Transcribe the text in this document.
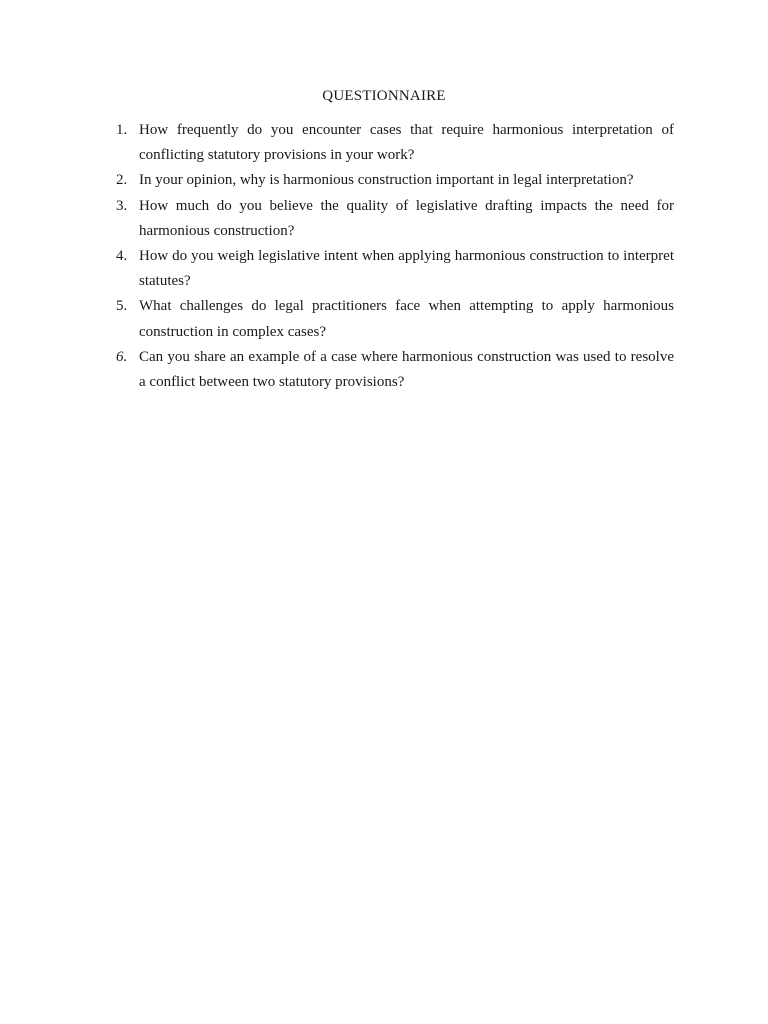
QUESTIONNAIRE
1. How frequently do you encounter cases that require harmonious interpretation of conflicting statutory provisions in your work?
2. In your opinion, why is harmonious construction important in legal interpretation?
3. How much do you believe the quality of legislative drafting impacts the need for harmonious construction?
4. How do you weigh legislative intent when applying harmonious construction to interpret statutes?
5. What challenges do legal practitioners face when attempting to apply harmonious construction in complex cases?
6. Can you share an example of a case where harmonious construction was used to resolve a conflict between two statutory provisions?
